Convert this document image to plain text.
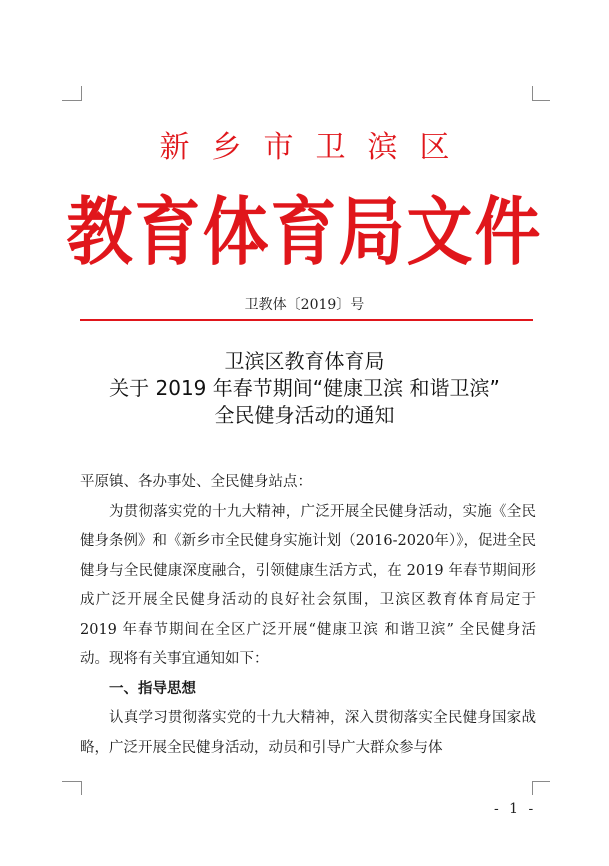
新乡市卫滨区
教育体育局文件
卫教体〔2019〕号
卫滨区教育体育局
关于 2019 年春节期间“健康卫滨 和谐卫滨”
全民健身活动的通知

平原镇、各办事处、全民健身站点：

为贯彻落实党的十九大精神，广泛开展全民健身活动，实施《全民健身条例》和《新乡市全民健身实施计划（2016-2020年）》，促进全民健身与全民健康深度融合，引领健康生活方式，在 2019 年春节期间形成广泛开展全民健身活动的良好社会氛围，卫滨区教育体育局定于 2019 年春节期间在全区广泛开展“健康卫滨 和谐卫滨” 全民健身活动。现将有关事宜通知如下：

一、指导思想

认真学习贯彻落实党的十九大精神，深入贯彻落实全民健身国家战略，广泛开展全民健身活动，动员和引导广大群众参与体

- 1 -
